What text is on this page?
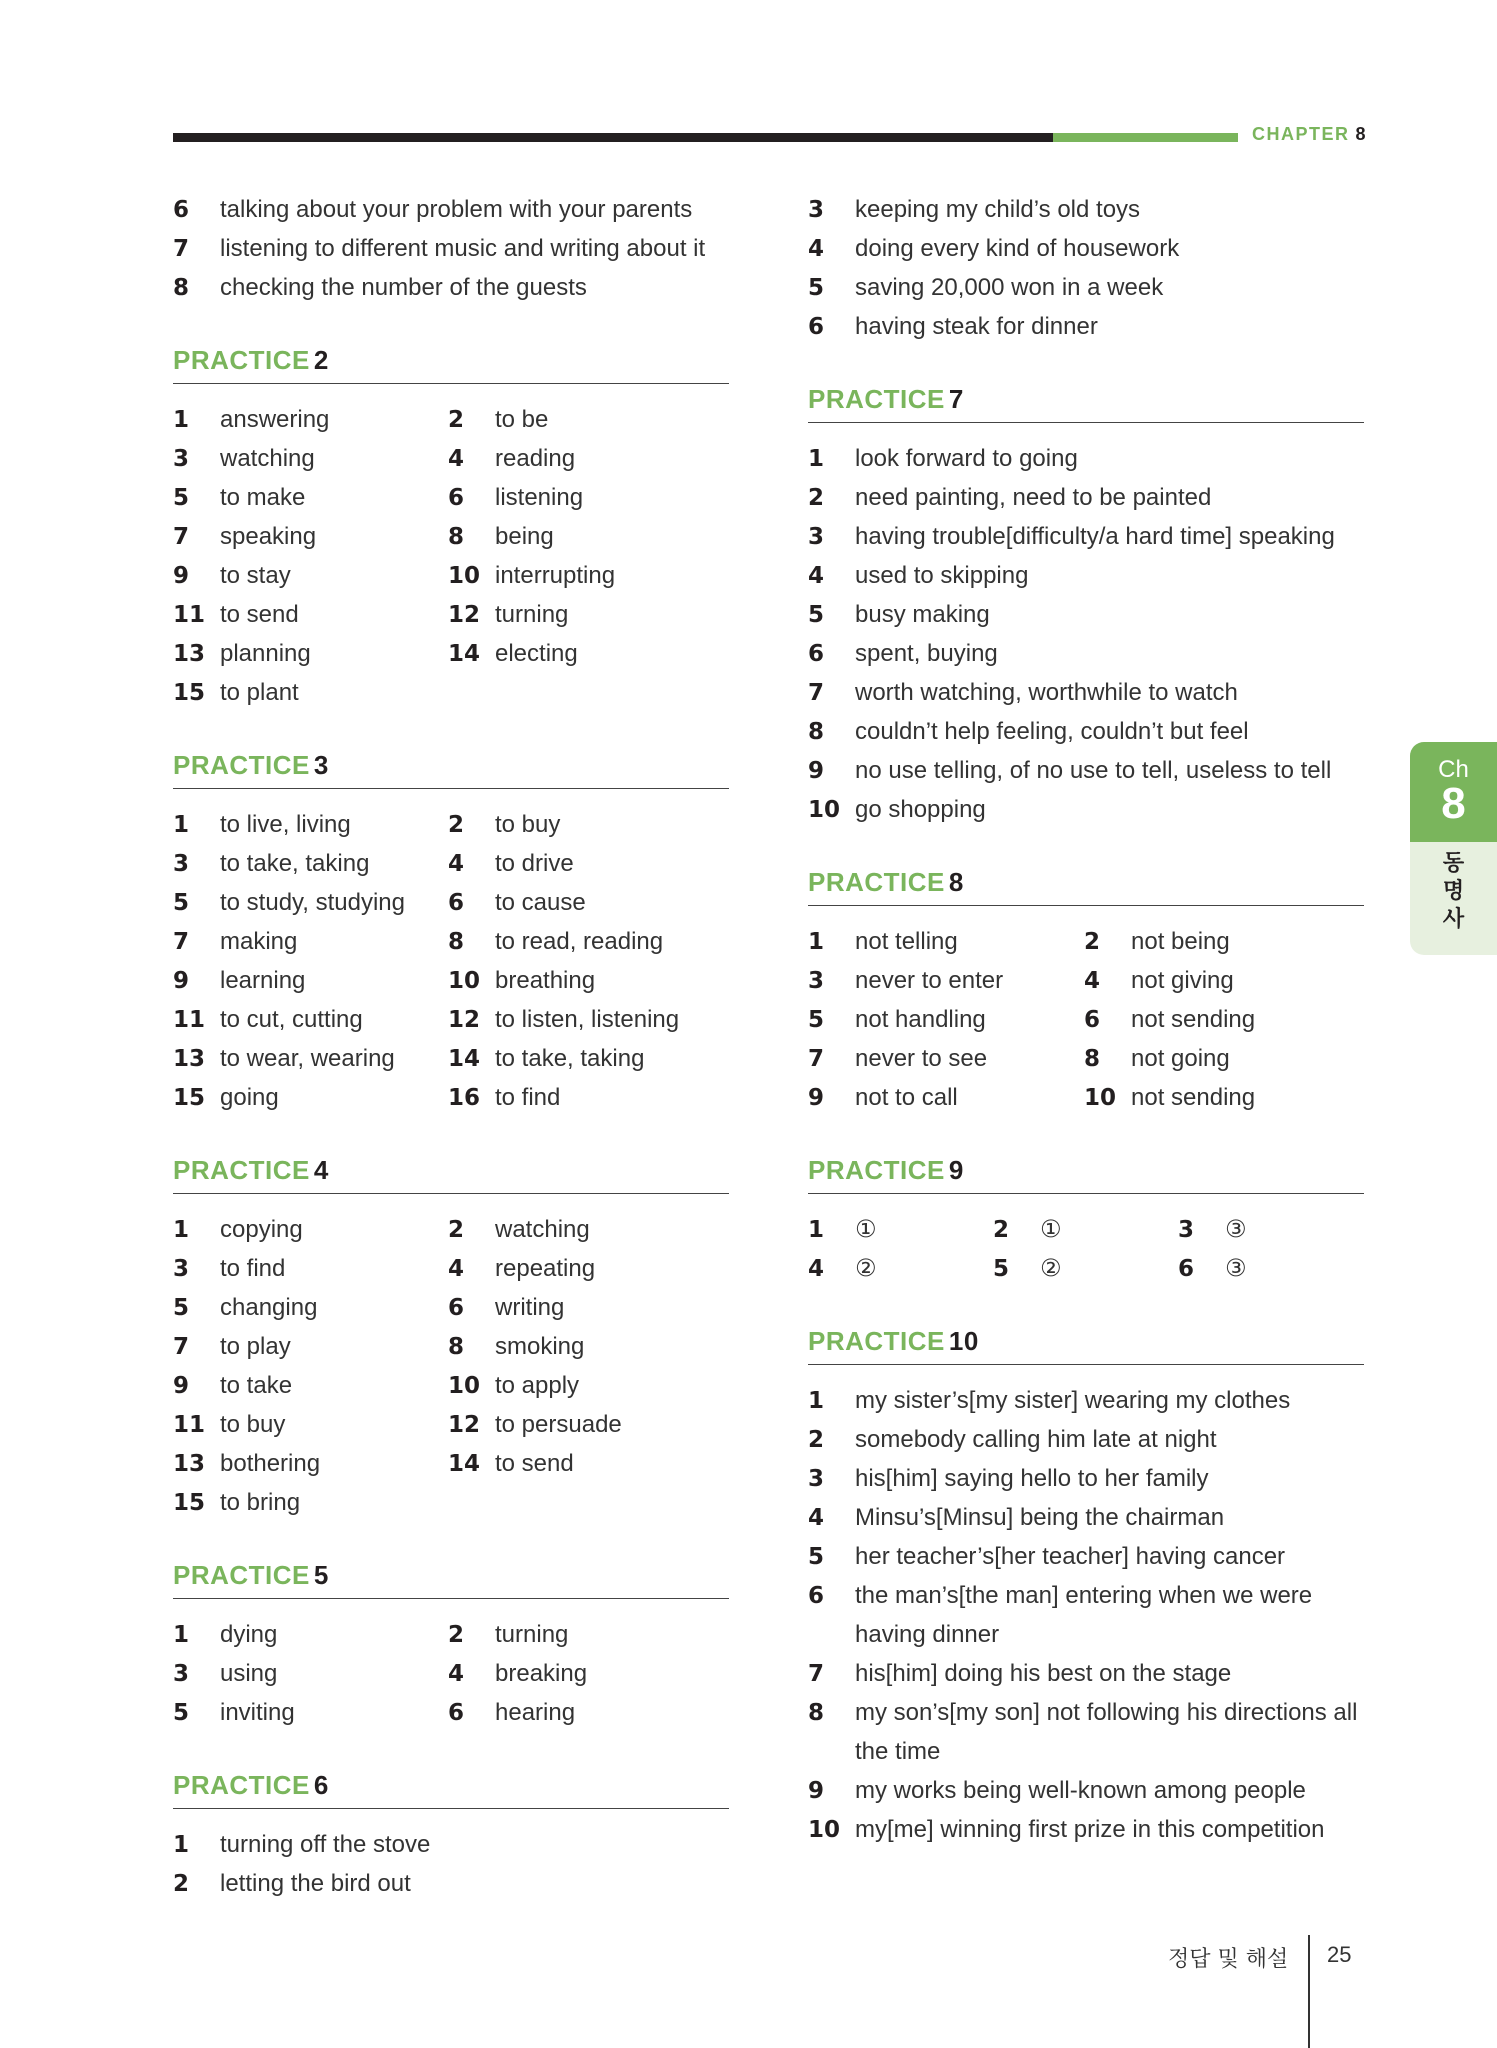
CHAPTER 8
6	talking about your problem with your parents
7	listening to different music and writing about it
8	checking the number of the guests
PRACTICE 2
1	answering	2	to be
3	watching	4	reading
5	to make	6	listening
7	speaking	8	being
9	to stay	10 interrupting
11 to send	12 turning
13 planning	14 electing
15 to plant
PRACTICE 3
1	to live, living	2	to buy
3	to take, taking	4	to drive
5	to study, studying	6	to cause
7	making	8	to read, reading
9	learning	10 breathing
11 to cut, cutting	12 to listen, listening
13 to wear, wearing	14 to take, taking
15 going	16 to find
PRACTICE 4
1	copying	2	watching
3	to find	4	repeating
5	changing	6	writing
7	to play	8	smoking
9	to take	10 to apply
11 to buy	12 to persuade
13 bothering	14 to send
15 to bring
PRACTICE 5
1	dying	2	turning
3	using	4	breaking
5	inviting	6	hearing
PRACTICE 6
1	turning off the stove
2	letting the bird out
3	keeping my child’s old toys
4	doing every kind of housework
5	saving 20,000 won in a week
6	having steak for dinner
PRACTICE 7
1	look forward to going
2	need painting, need to be painted
3	having trouble[difficulty/a hard time] speaking
4	used to skipping
5	busy making
6	spent, buying
7	worth watching, worthwhile to watch
8	couldn’t help feeling, couldn’t but feel
9	no use telling, of no use to tell, useless to tell
10 go shopping
PRACTICE 8
1	not telling	2	not being
3	never to enter	4	not giving
5	not handling	6	not sending
7	never to see	8	not going
9	not to call	10 not sending
PRACTICE 9
1	①	2	①	3	③
4	②	5	②	6	③
PRACTICE 10
1	my sister’s[my sister] wearing my clothes
2	somebody calling him late at night
3	his[him] saying hello to her family
4	Minsu’s[Minsu] being the chairman
5	her teacher’s[her teacher] having cancer
6	the man’s[the man] entering when we were
having dinner
7	his[him] doing his best on the stage
8	my son’s[my son] not following his directions all
the time
9	my works being well-known among people
10 my[me] winning first prize in this competition
Ch
8
동
명
사
정답 및 해설 25
